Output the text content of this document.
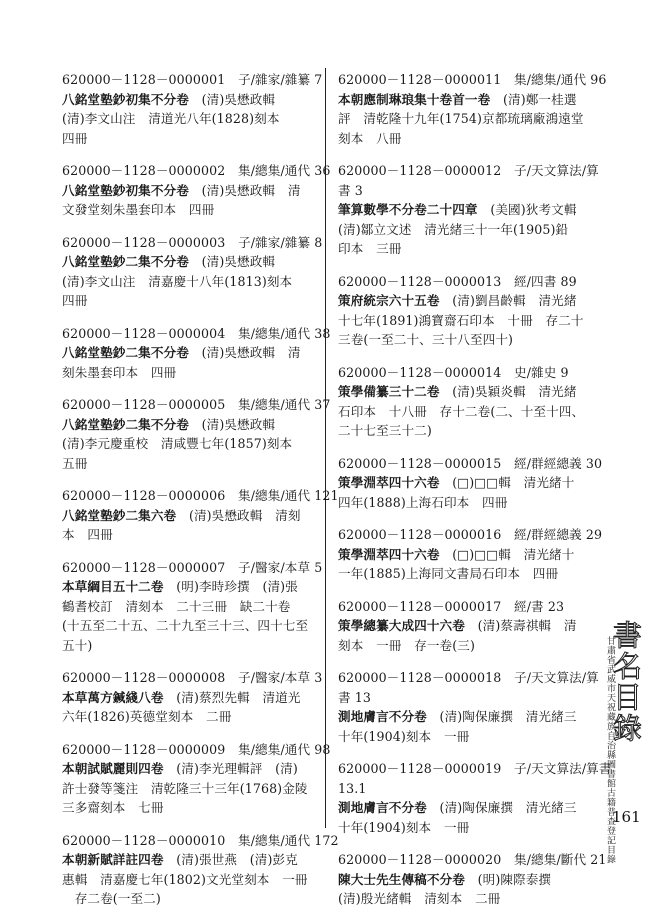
620000－1128－0000001　 子/雜家/雜纂 7

八銘堂塾鈔初集不分卷　(清)吳懋政輯

(清)李文山注　清道光八年(1828)刻本

四冊

620000－1128－0000002　 集/總集/通代 36

八銘堂塾鈔初集不分卷　(清)吳懋政輯　清

文發堂刻朱墨套印本　四冊

620000－1128－0000003　 子/雜家/雜纂 8

八銘堂塾鈔二集不分卷　(清)吳懋政輯

(清)李文山注　清嘉慶十八年(1813)刻本

四冊

620000－1128－0000004　 集/總集/通代 38

八銘堂塾鈔二集不分卷　(清)吳懋政輯　清

刻朱墨套印本　四冊

620000－1128－0000005　 集/總集/通代 37

八銘堂塾鈔二集不分卷　(清)吳懋政輯

(清)李元慶重校　清咸豐七年(1857)刻本

五冊

620000－1128－0000006　 集/總集/通代 121

八銘堂塾鈔二集六卷　(清)吳懋政輯　清刻

本　四冊

620000－1128－0000007　 子/醫家/本草 5

本草綱目五十二卷　(明)李時珍撰　(清)張

鶴耆校訂　清刻本　二十三冊　缺二十卷

(十五至二十五、二十九至三十三、四十七至

五十)

620000－1128－0000008　 子/醫家/本草 3

本草萬方鍼綫八卷　(清)蔡烈先輯　清道光

六年(1826)英德堂刻本　二冊

620000－1128－0000009　 集/總集/通代 98

本朝試賦麗則四卷　(清)李光理輯評　(清)

許士發等箋注　清乾隆三十三年(1768)金陵

三多齋刻本　七冊

620000－1128－0000010　 集/總集/通代 172

本朝新賦詳註四卷　(清)張世燕　(清)彭克

惠輯　清嘉慶七年(1802)文光堂刻本　一冊

　存二卷(一至二)

620000－1128－0000011　 集/總集/通代 96

本朝應制琳琅集十卷首一卷　(清)鄭一桂選

評　清乾隆十九年(1754)京都琉璃廠鴻遠堂

刻本　八冊

620000－1128－0000012　 子/天文算法/算

書 3

筆算數學不分卷二十四章　(美國)狄考文輯

(清)鄒立文述　清光緒三十一年(1905)鉛

印本　三冊

620000－1128－0000013　 經/四書 89

策府統宗六十五卷　(清)劉昌齡輯　清光緒

十七年(1891)鴻寶齋石印本　十冊　存二十

三卷(一至二十、三十八至四十)

620000－1128－0000014　 史/雜史 9

策學備纂三十二卷　(清)吳穎炎輯　清光緒

石印本　十八冊　存十二卷(二、十至十四、

二十七至三十二)

620000－1128－0000015　 經/群經總義 30

策學淵萃四十六卷　(□)□□輯　清光緒十

四年(1888)上海石印本　四冊

620000－1128－0000016　 經/群經總義 29

策學淵萃四十六卷　(□)□□輯　清光緒十

一年(1885)上海同文書局石印本　四冊

620000－1128－0000017　 經/書 23

策學總纂大成四十六卷　(清)蔡壽祺輯　清

刻本　一冊　存一卷(三)

620000－1128－0000018　 子/天文算法/算

書 13

測地膚言不分卷　(清)陶保廉撰　清光緒三

十年(1904)刻本　一冊

620000－1128－0000019　 子/天文算法/算書

13.1

測地膚言不分卷　(清)陶保廉撰　清光緒三

十年(1904)刻本　一冊

620000－1128－0000020　 集/總集/斷代 21

陳大士先生傳稿不分卷　(明)陳際泰撰

(清)殷光緒輯　清刻本　二冊

甘肅省武威市天祝藏族自治縣圖書館古籍普查登記目錄
書名目錄
161
